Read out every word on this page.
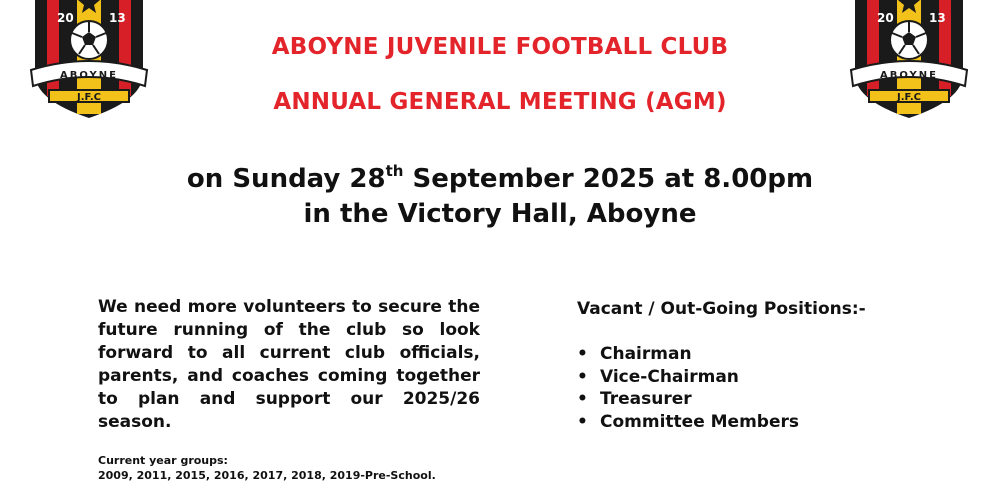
20	13
ABOYNE
J.F.C
20	13
ABOYNE
J.F.C
ABOYNE JUVENILE FOOTBALL CLUB
ANNUAL GENERAL MEETING (AGM)
on Sunday 28th September 2025 at 8.00pm
in the Victory Hall, Aboyne
We need more volunteers to secure the future running of the club so look forward to all current club officials, parents, and coaches coming together to plan and support our 2025/26 season.
Vacant / Out-Going Positions:-
• Chairman
• Vice-Chairman
• Treasurer
• Committee Members
Current year groups:
2009, 2011, 2015, 2016, 2017, 2018, 2019-Pre-School.
